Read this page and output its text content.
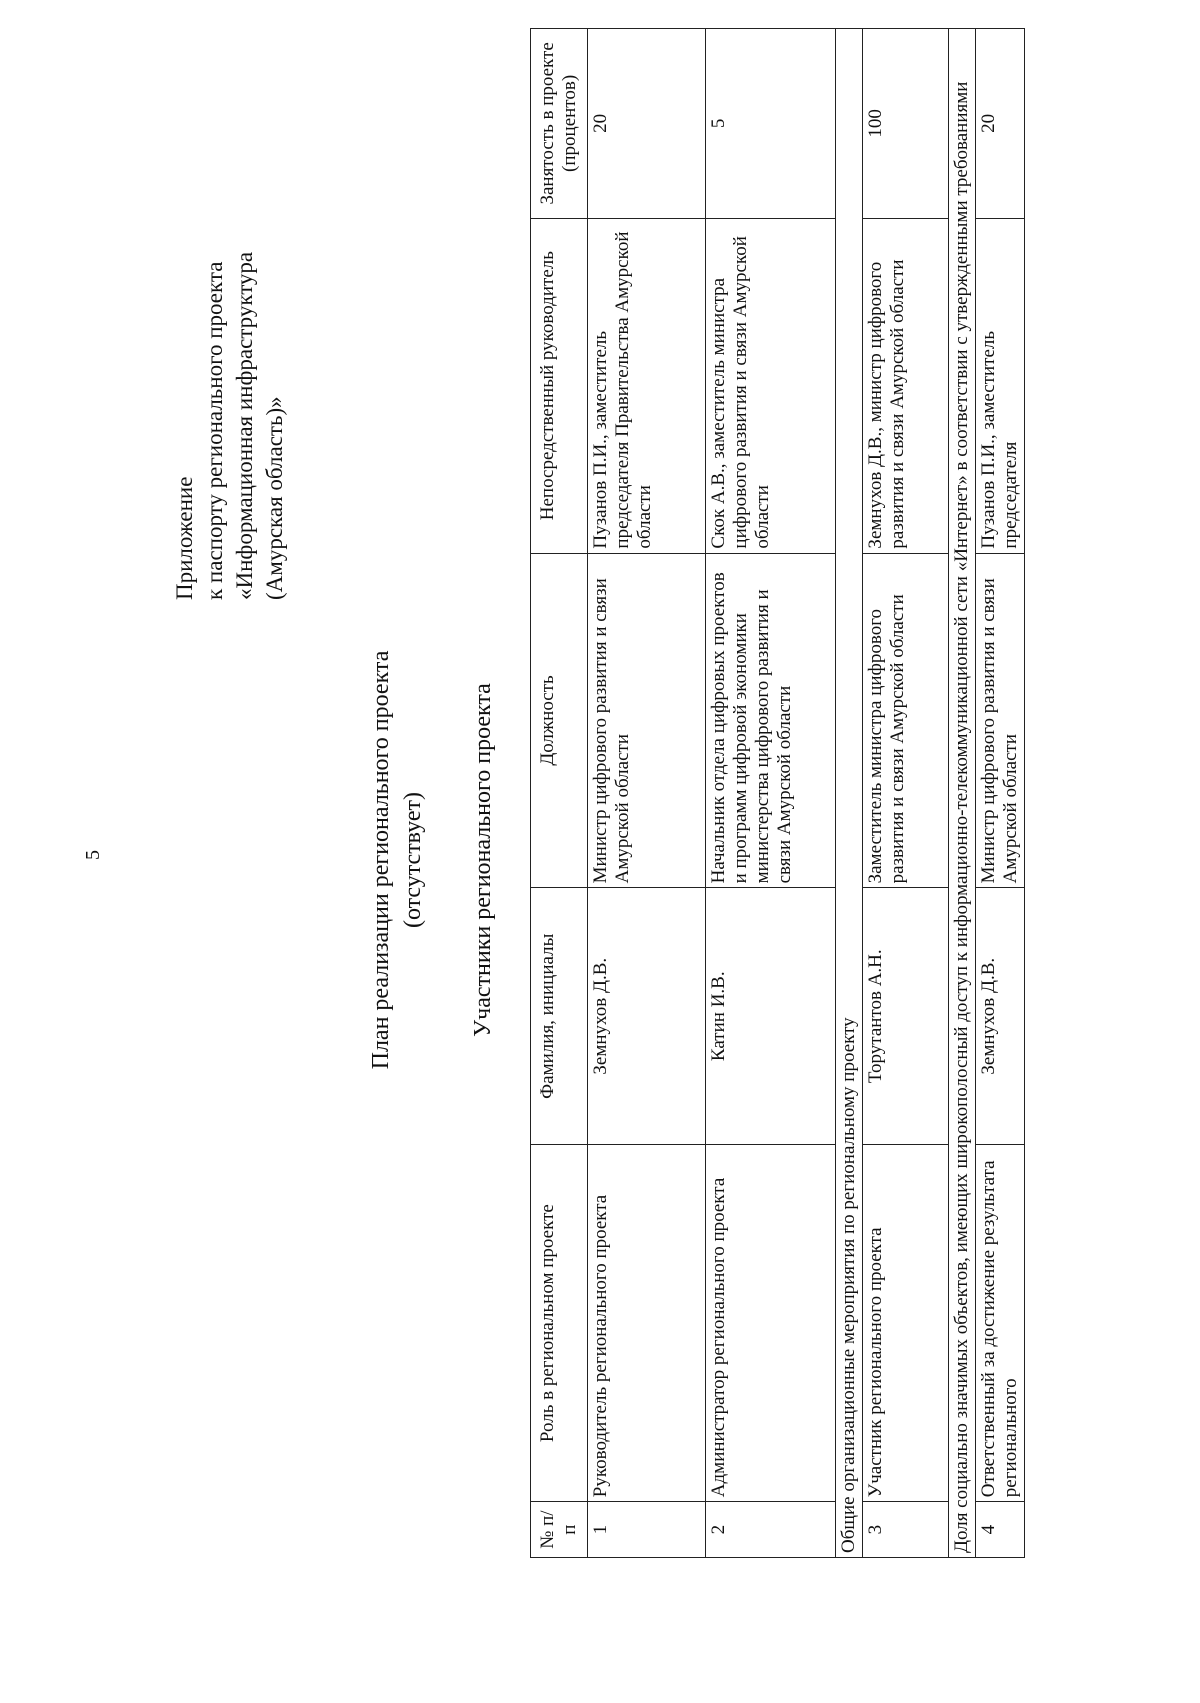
5
Приложение к паспорту регионального проекта «Информационная инфраструктура (Амурская область)»
План реализации регионального проекта (отсутствует) Участники регионального проекта
№ п/п	Роль в региональном проекте	Фамилия, инициалы	Должность	Непосредственный руководитель	Занятость в проекте (процентов)
1	Руководитель регионального проекта	Земнухов Д.В.	Министр цифрового развития и связи Амурской области	Пузанов П.И., заместитель председателя Правительства Амурской области	20
2	Администратор регионального проекта	Катин И.В.	Начальник отдела цифровых проектов и программ цифровой экономики министерства цифрового развития и связи Амурской области	Скок А.В., заместитель министра цифрового развития и связи Амурской области	5
Общие организационные мероприятия по региональному проекту					
3	Участник регионального проекта	Торутантов А.Н.	Заместитель министра цифрового развития и связи Амурской области	Земнухов Д.В., министр цифрового развития и связи Амурской области	100
Доля социально значимых объектов, имеющих широкополосный доступ к информационно-телекоммуникационной сети «Интернет» в соответствии с утвержденными требованиями					
4	Ответственный за достижение результата регионального	Земнухов Д.В.	Министр цифрового развития и связи Амурской области	Пузанов П.И., заместитель председателя	20
